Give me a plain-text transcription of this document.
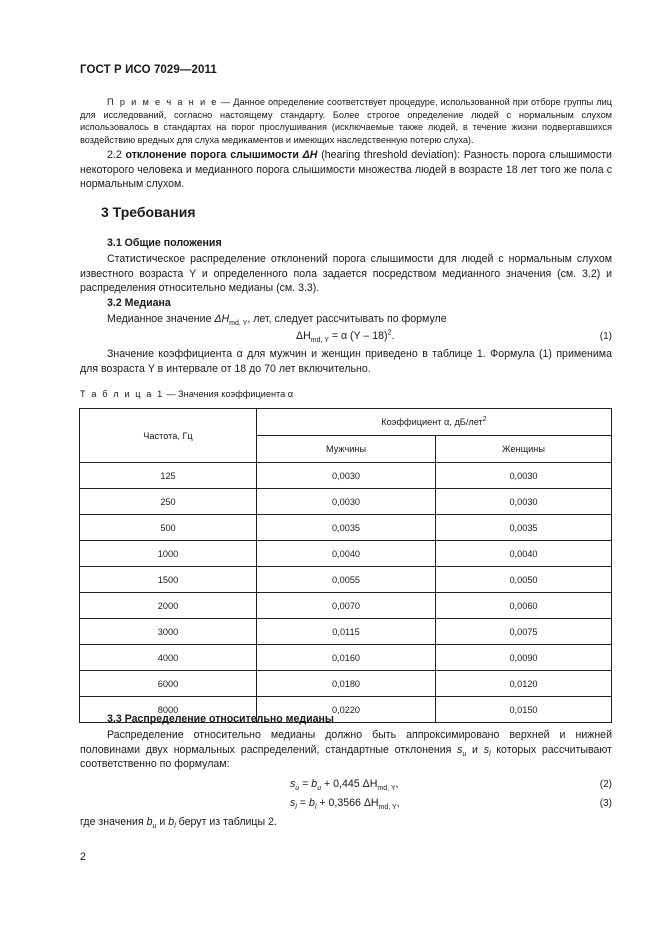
ГОСТ Р ИСО 7029—2011
П р и м е ч а н и е — Данное определение соответствует процедуре, использованной при отборе группы лиц для исследований, согласно настоящему стандарту. Более строгое определение людей с нормальным слухом использовалось в стандартах на порог прослушивания (исключаемые также людей, в течение жизни подвергавшихся воздействию вредных для слуха медикаментов и имеющих наследственную потерю слуха).
2.2 отклонение порога слышимости ΔH (hearing threshold deviation): Разность порога слышимости некоторого человека и медианного порога слышимости множества людей в возрасте 18 лет того же пола с нормальным слухом.
3 Требования
3.1 Общие положения
Статистическое распределение отклонений порога слышимости для людей с нормальным слухом известного возраста Y и определенного пола задается посредством медианного значения (см. 3.2) и распределения относительно медианы (см. 3.3).
3.2 Медиана
Медианное значение $\Delta H_{md, Y}$, лет, следует рассчитывать по формуле
$\Delta H_{md, Y} = \alpha$ (Y – 18)$^2$.	(1)
Значение коэффициента α для мужчин и женщин приведено в таблице 1. Формула (1) применима для возраста Y в интервале от 18 до 70 лет включительно.
Т а б л и ц а 1 — Значения коэффициента α
Частота, Гц	Коэффициент α, дБ/лет$^2$
	Мужчины	Женщины
125	0,0030	0,0030
250	0,0030	0,0030
500	0,0035	0,0035
1000	0,0040	0,0040
1500	0,0055	0,0050
2000	0,0070	0,0060
3000	0,0115	0,0075
4000	0,0160	0,0090
6000	0,0180	0,0120
8000	0,0220	0,0150
3.3 Распределение относительно медианы
Распределение относительно медианы должно быть аппроксимировано верхней и нижней половинами двух нормальных распределений, стандартные отклонения $s_u$ и $s_l$ которых рассчитывают соответственно по формулам:
$s_u = b_u + 0,445$ $\Delta H_{md, Y}$,	(2)
$s_l = b_l + 0,3566$ $\Delta H_{md, Y}$,	(3)
где значения $b_u$ и $b_l$ берут из таблицы 2.
2
